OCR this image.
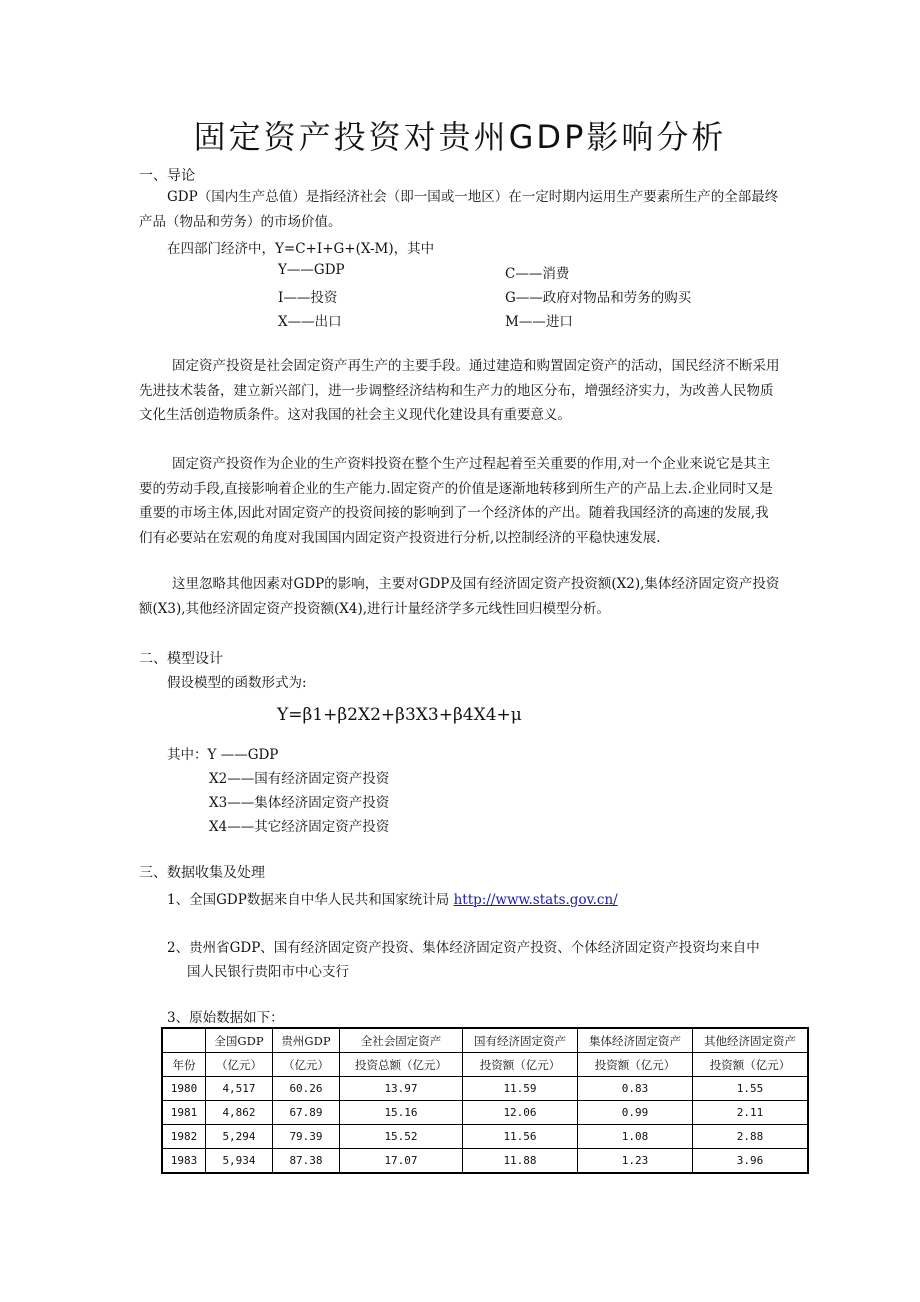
固定资产投资对贵州GDP影响分析
一、导论
GDP（国内生产总值）是指经济社会（即一国或一地区）在一定时期内运用生产要素所生产的全部最终产品（物品和劳务）的市场价值。
在四部门经济中，Y=C+I+G+(X-M)，其中
Y——GDP	C——消费
I——投资	G——政府对物品和劳务的购买
X——出口	M——进口
固定资产投资是社会固定资产再生产的主要手段。通过建造和购置固定资产的活动，国民经济不断采用先进技术装备，建立新兴部门，进一步调整经济结构和生产力的地区分布，增强经济实力，为改善人民物质文化生活创造物质条件。这对我国的社会主义现代化建设具有重要意义。
固定资产投资作为企业的生产资料投资在整个生产过程起着至关重要的作用,对一个企业来说它是其主要的劳动手段,直接影响着企业的生产能力.固定资产的价值是逐渐地转移到所生产的产品上去.企业同时又是重要的市场主体,因此对固定资产的投资间接的影响到了一个经济体的产出。随着我国经济的高速的发展,我们有必要站在宏观的角度对我国国内固定资产投资进行分析,以控制经济的平稳快速发展.
这里忽略其他因素对GDP的影响，主要对GDP及国有经济固定资产投资额(X2),集体经济固定资产投资额(X3),其他经济固定资产投资额(X4),进行计量经济学多元线性回归模型分析。
二、模型设计
假设模型的函数形式为:
Y=β1+β2X2+β3X3+β4X4+μ
其中：Y ——GDP
X2——国有经济固定资产投资
X3——集体经济固定资产投资
X4——其它经济固定资产投资
三、数据收集及处理
1、全国GDP数据来自中华人民共和国家统计局 http://www.stats.gov.cn/
2、贵州省GDP、国有经济固定资产投资、集体经济固定资产投资、个体经济固定资产投资均来自中
国人民银行贵阳市中心支行
3、原始数据如下：
	全国GDP	贵州GDP	全社会固定资产	国有经济固定资产	集体经济固定资产	其他经济固定资产
年份	（亿元）	（亿元）	投资总额（亿元）	投资额（亿元）	投资额（亿元）	投资额（亿元）
1980	4,517	60.26	13.97	11.59	0.83	1.55
1981	4,862	67.89	15.16	12.06	0.99	2.11
1982	5,294	79.39	15.52	11.56	1.08	2.88
1983	5,934	87.38	17.07	11.88	1.23	3.96
